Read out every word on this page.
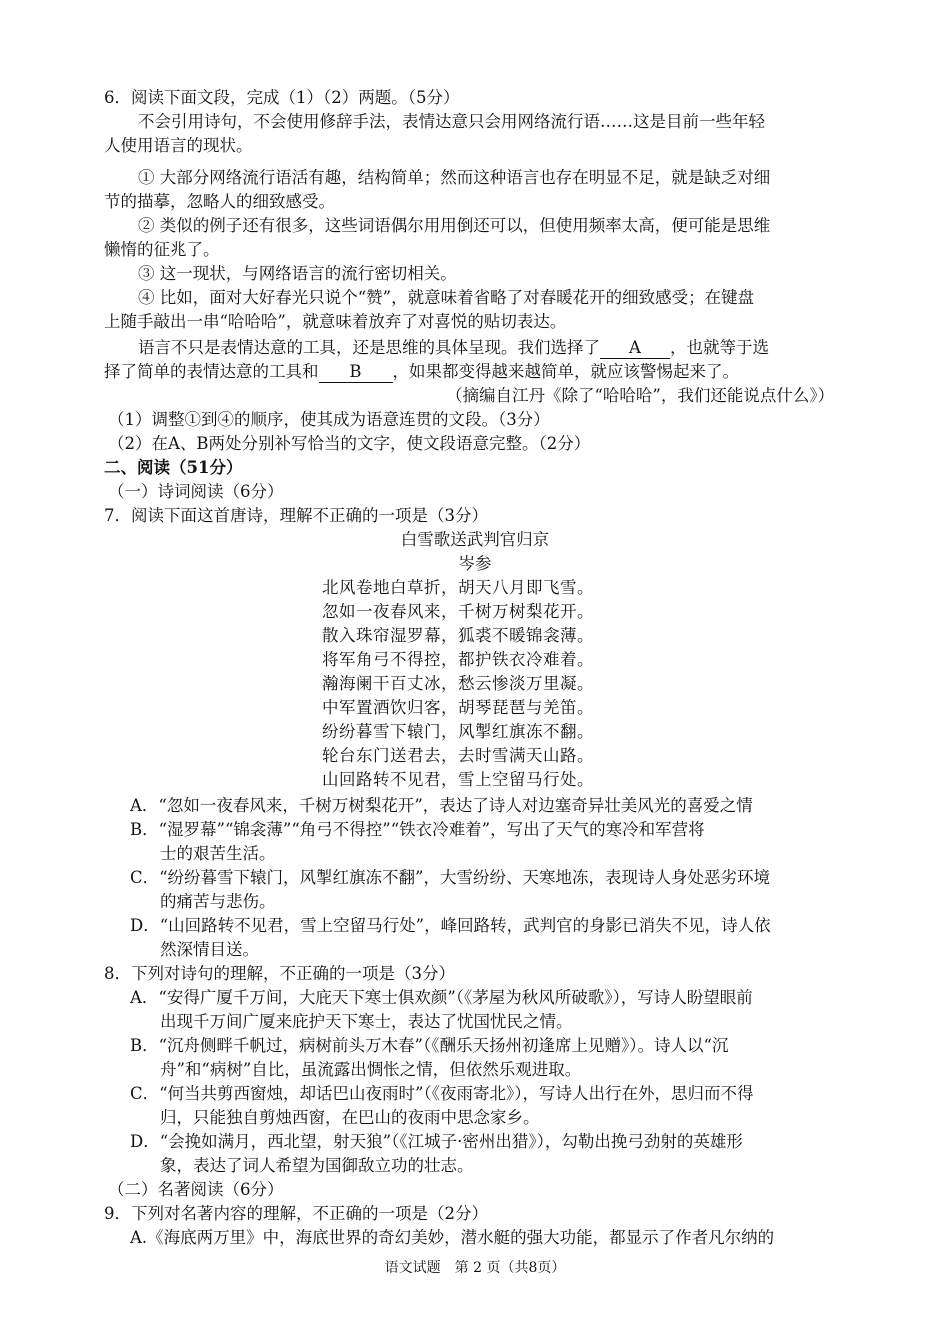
6．阅读下面文段，完成（1）（2）两题。（5分）
不会引用诗句，不会使用修辞手法，表情达意只会用网络流行语……这是目前一些年轻
人使用语言的现状。
① 大部分网络流行语活有趣，结构简单；然而这种语言也存在明显不足，就是缺乏对细
节的描摹，忽略人的细致感受。
② 类似的例子还有很多，这些词语偶尔用用倒还可以，但使用频率太高，便可能是思维
懒惰的征兆了。
③ 这一现状，与网络语言的流行密切相关。
④ 比如，面对大好春光只说个“赞”，就意味着省略了对春暖花开的细致感受；在键盘
上随手敲出一串“哈哈哈”，就意味着放弃了对喜悦的贴切表达。
语言不只是表情达意的工具，还是思维的具体呈现。我们选择了 A ，也就等于选
择了简单的表情达意的工具和 B ，如果都变得越来越简单，就应该警惕起来了。
（摘编自江丹《除了“哈哈哈”，我们还能说点什么》）
（1）调整①到④的顺序，使其成为语意连贯的文段。（3分）
（2）在A、B两处分别补写恰当的文字，使文段语意完整。（2分）
二、阅读（51分）
（一）诗词阅读（6分）
7．阅读下面这首唐诗，理解不正确的一项是（3分）
白雪歌送武判官归京
岑参
北风卷地白草折，胡天八月即飞雪。
忽如一夜春风来，千树万树梨花开。
散入珠帘湿罗幕，狐裘不暖锦衾薄。
将军角弓不得控，都护铁衣冷难着。
瀚海阑干百丈冰，愁云惨淡万里凝。
中军置酒饮归客，胡琴琵琶与羌笛。
纷纷暮雪下辕门，风掣红旗冻不翻。
轮台东门送君去，去时雪满天山路。
山回路转不见君，雪上空留马行处。
A．“忽如一夜春风来，千树万树梨花开”，表达了诗人对边塞奇异壮美风光的喜爱之情
B．“湿罗幕”“锦衾薄”“角弓不得控”“铁衣冷难着”，写出了天气的寒冷和军营将
士的艰苦生活。
C．“纷纷暮雪下辕门，风掣红旗冻不翻”，大雪纷纷、天寒地冻，表现诗人身处恶劣环境
的痛苦与悲伤。
D．“山回路转不见君，雪上空留马行处”，峰回路转，武判官的身影已消失不见，诗人依
然深情目送。
8．下列对诗句的理解，不正确的一项是（3分）
A．“安得广厦千万间，大庇天下寒士俱欢颜”（《茅屋为秋风所破歌》），写诗人盼望眼前
出现千万间广厦来庇护天下寒士，表达了忧国忧民之情。
B．“沉舟侧畔千帆过，病树前头万木春”（《酬乐天扬州初逢席上见赠》）。诗人以“沉
舟”和“病树”自比，虽流露出惆怅之情，但依然乐观进取。
C．“何当共剪西窗烛，却话巴山夜雨时”（《夜雨寄北》），写诗人出行在外，思归而不得
归，只能独自剪烛西窗，在巴山的夜雨中思念家乡。
D．“会挽如满月，西北望，射天狼”（《江城子·密州出猎》），勾勒出挽弓劲射的英雄形
象，表达了词人希望为国御敌立功的壮志。
（二）名著阅读（6分）
9．下列对名著内容的理解，不正确的一项是（2分）
A.《海底两万里》中，海底世界的奇幻美妙，潜水艇的强大功能，都显示了作者凡尔纳的
语文试题　第 2 页（共8页）
